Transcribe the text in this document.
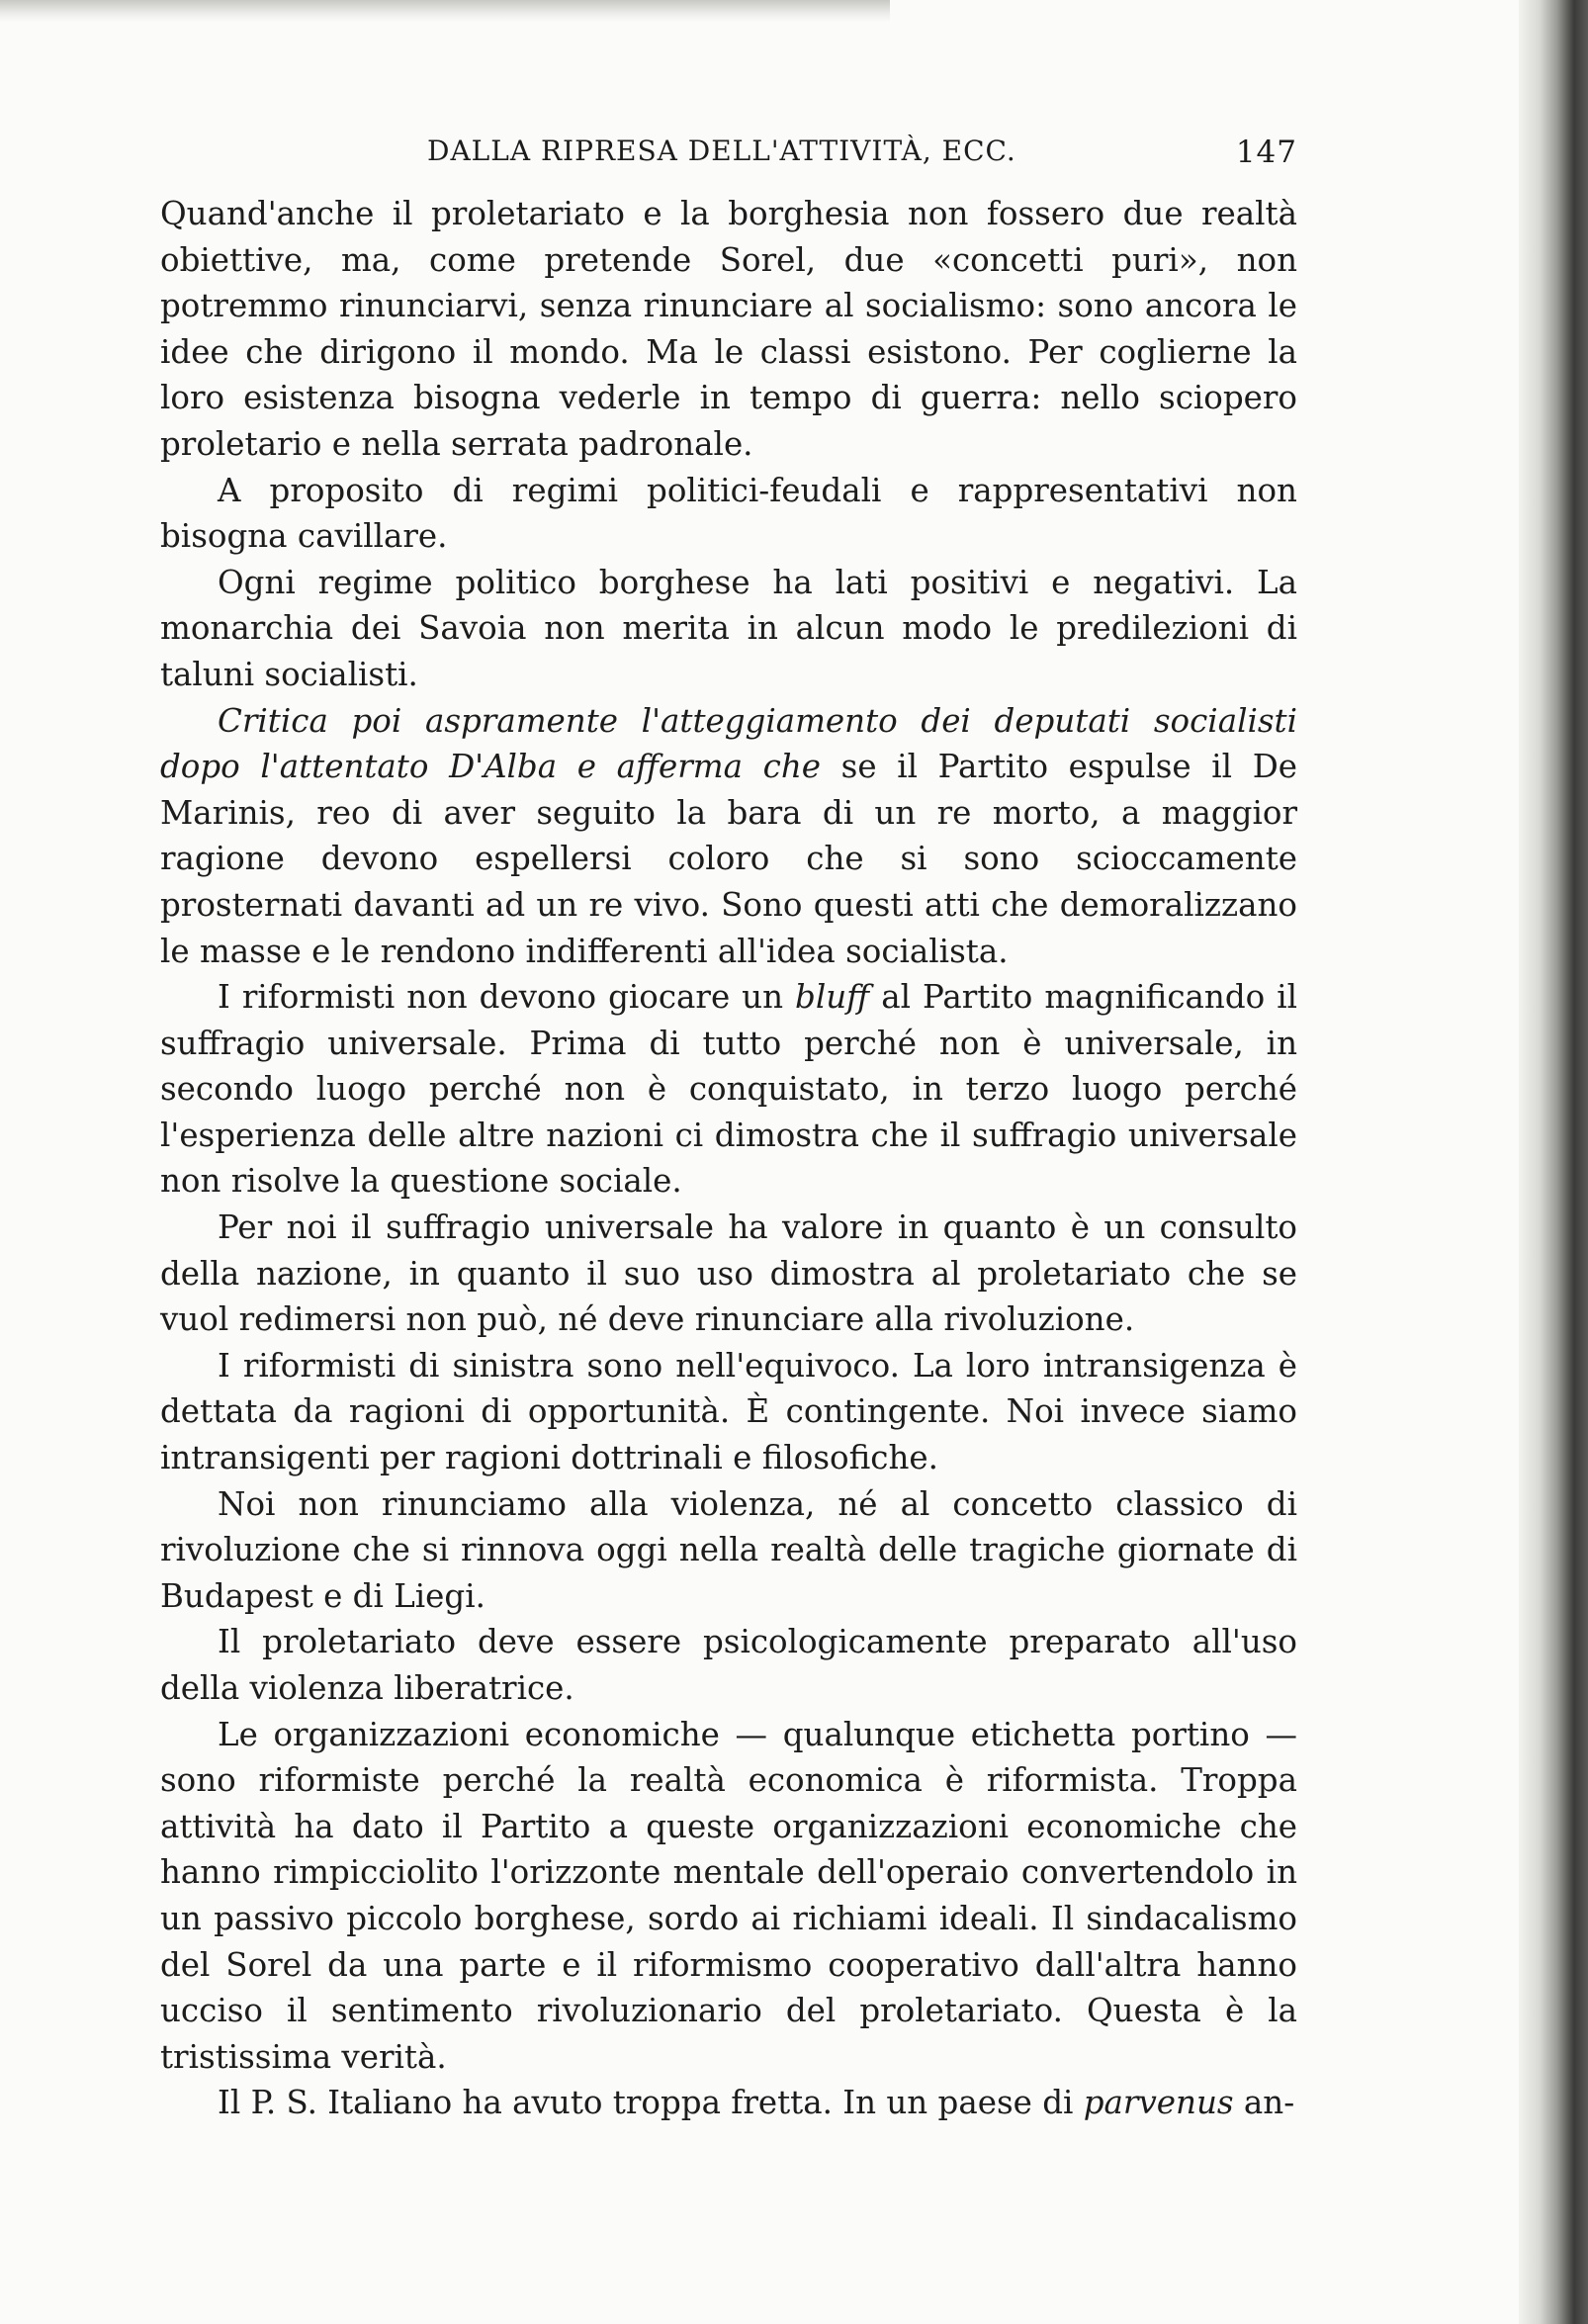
DALLA RIPRESA DELL'ATTIVITÀ, ECC.	147

Quand'anche il proletariato e la borghesia non fossero due realtà obiettive, ma, come pretende Sorel, due «concetti puri», non potremmo rinunciarvi, senza rinunciare al socialismo: sono ancora le idee che dirigono il mondo. Ma le classi esistono. Per coglierne la loro esistenza bisogna vederle in tempo di guerra: nello sciopero proletario e nella serrata padronale.

A proposito di regimi politici-feudali e rappresentativi non bisogna cavillare.

Ogni regime politico borghese ha lati positivi e negativi. La monarchia dei Savoia non merita in alcun modo le predilezioni di taluni socialisti.

Critica poi aspramente l'atteggiamento dei deputati socialisti dopo l'attentato D'Alba e afferma che se il Partito espulse il De Marinis, reo di aver seguito la bara di un re morto, a maggior ragione devono espellersi coloro che si sono scioccamente prosternati davanti ad un re vivo. Sono questi atti che demoralizzano le masse e le rendono indifferenti all'idea socialista.

I riformisti non devono giocare un bluff al Partito magnificando il suffragio universale. Prima di tutto perché non è universale, in secondo luogo perché non è conquistato, in terzo luogo perché l'esperienza delle altre nazioni ci dimostra che il suffragio universale non risolve la questione sociale.

Per noi il suffragio universale ha valore in quanto è un consulto della nazione, in quanto il suo uso dimostra al proletariato che se vuol redimersi non può, né deve rinunciare alla rivoluzione.

I riformisti di sinistra sono nell'equivoco. La loro intransigenza è dettata da ragioni di opportunità. È contingente. Noi invece siamo intransigenti per ragioni dottrinali e filosofiche.

Noi non rinunciamo alla violenza, né al concetto classico di rivoluzione che si rinnova oggi nella realtà delle tragiche giornate di Budapest e di Liegi.

Il proletariato deve essere psicologicamente preparato all'uso della violenza liberatrice.

Le organizzazioni economiche — qualunque etichetta portino — sono riformiste perché la realtà economica è riformista. Troppa attività ha dato il Partito a queste organizzazioni economiche che hanno rimpicciolito l'orizzonte mentale dell'operaio convertendolo in un passivo piccolo borghese, sordo ai richiami ideali. Il sindacalismo del Sorel da una parte e il riformismo cooperativo dall'altra hanno ucciso il sentimento rivoluzionario del proletariato. Questa è la tristissima verità.

Il P. S. Italiano ha avuto troppa fretta. In un paese di parvenus an-
